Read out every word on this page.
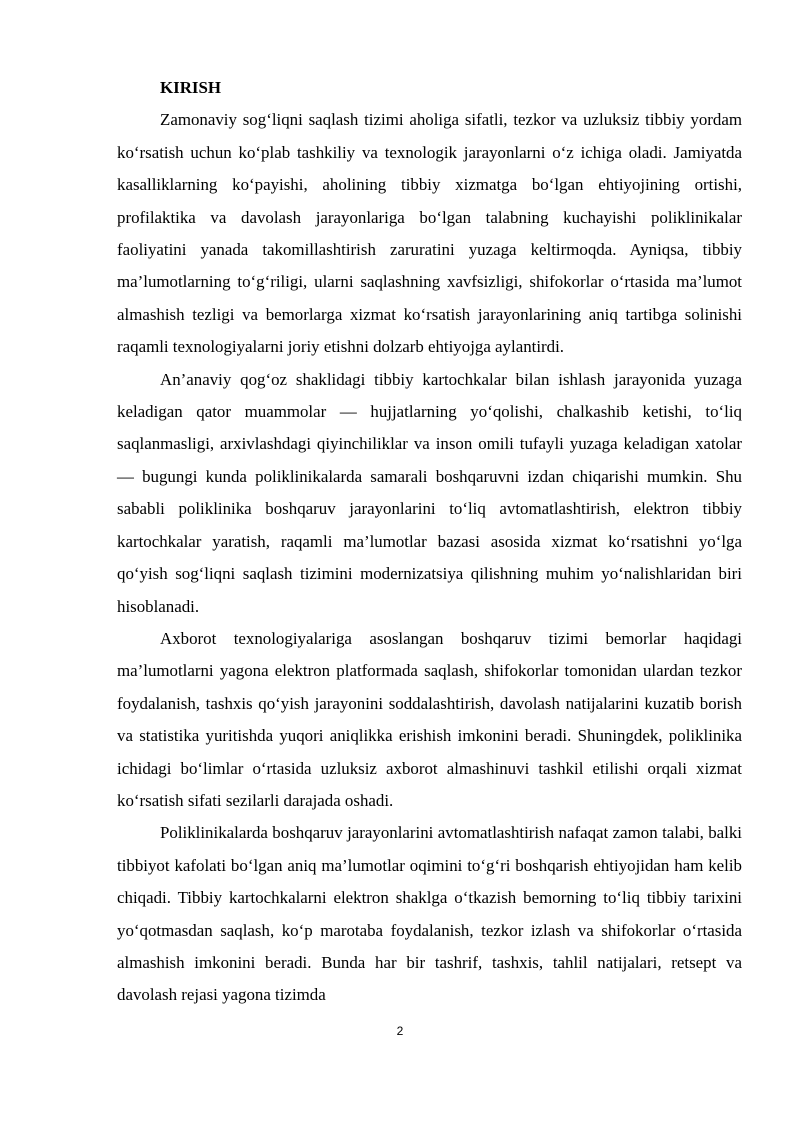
KIRISH

Zamonaviy sog‘liqni saqlash tizimi aholiga sifatli, tezkor va uzluksiz tibbiy yordam ko‘rsatish uchun ko‘plab tashkiliy va texnologik jarayonlarni o‘z ichiga oladi. Jamiyatda kasalliklarning ko‘payishi, aholining tibbiy xizmatga bo‘lgan ehtiyojining ortishi, profilaktika va davolash jarayonlariga bo‘lgan talabning kuchayishi poliklinikalar faoliyatini yanada takomillashtirish zaruratini yuzaga keltirmoqda. Ayniqsa, tibbiy ma’lumotlarning to‘g‘riligi, ularni saqlashning xavfsizligi, shifokorlar o‘rtasida ma’lumot almashish tezligi va bemorlarga xizmat ko‘rsatish jarayonlarining aniq tartibga solinishi raqamli texnologiyalarni joriy etishni dolzarb ehtiyojga aylantirdi.

An’anaviy qog‘oz shaklidagi tibbiy kartochkalar bilan ishlash jarayonida yuzaga keladigan qator muammolar — hujjatlarning yo‘qolishi, chalkashib ketishi, to‘liq saqlanmasligi, arxivlashdagi qiyinchiliklar va inson omili tufayli yuzaga keladigan xatolar — bugungi kunda poliklinikalarda samarali boshqaruvni izdan chiqarishi mumkin. Shu sababli poliklinika boshqaruv jarayonlarini to‘liq avtomatlashtirish, elektron tibbiy kartochkalar yaratish, raqamli ma’lumotlar bazasi asosida xizmat ko‘rsatishni yo‘lga qo‘yish sog‘liqni saqlash tizimini modernizatsiya qilishning muhim yo‘nalishlaridan biri hisoblanadi.

Axborot texnologiyalariga asoslangan boshqaruv tizimi bemorlar haqidagi ma’lumotlarni yagona elektron platformada saqlash, shifokorlar tomonidan ulardan tezkor foydalanish, tashxis qo‘yish jarayonini soddalashtirish, davolash natijalarini kuzatib borish va statistika yuritishda yuqori aniqlikka erishish imkonini beradi. Shuningdek, poliklinika ichidagi bo‘limlar o‘rtasida uzluksiz axborot almashinuvi tashkil etilishi orqali xizmat ko‘rsatish sifati sezilarli darajada oshadi.

Poliklinikalarda boshqaruv jarayonlarini avtomatlashtirish nafaqat zamon talabi, balki tibbiyot kafolati bo‘lgan aniq ma’lumotlar oqimini to‘g‘ri boshqarish ehtiyojidan ham kelib chiqadi. Tibbiy kartochkalarni elektron shaklga o‘tkazish bemorning to‘liq tibbiy tarixini yo‘qotmasdan saqlash, ko‘p marotaba foydalanish, tezkor izlash va shifokorlar o‘rtasida almashish imkonini beradi. Bunda har bir tashrif, tashxis, tahlil natijalari, retsept va davolash rejasi yagona tizimda

2
